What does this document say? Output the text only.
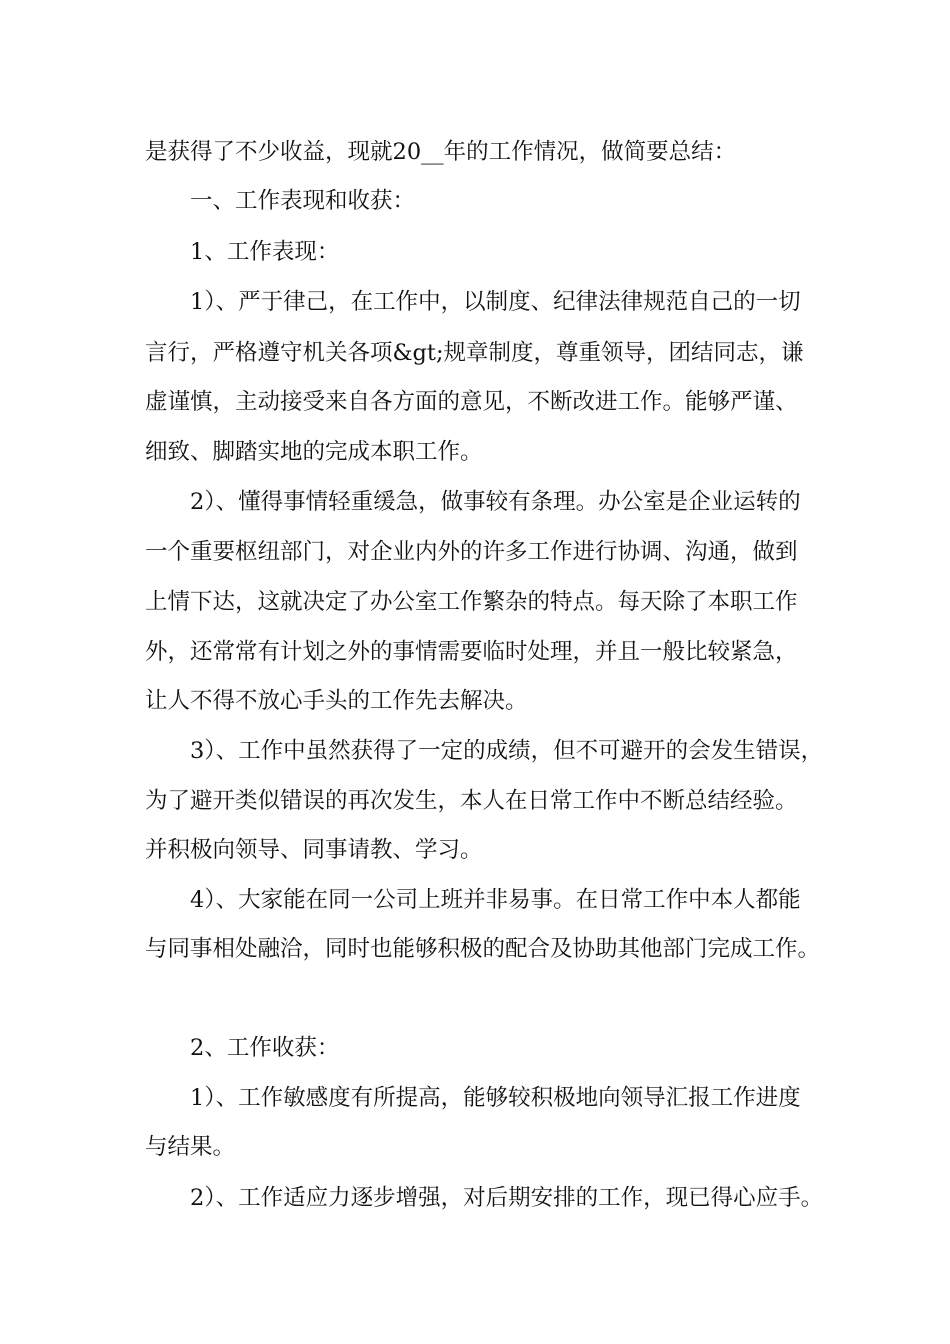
是获得了不少收益，现就20__年的工作情况，做简要总结：
一、工作表现和收获：
1、工作表现：
1）、严于律己，在工作中，以制度、纪律法律规范自己的一切
言行，严格遵守机关各项&gt;规章制度，尊重领导，团结同志，谦
虚谨慎，主动接受来自各方面的意见，不断改进工作。能够严谨、
细致、脚踏实地的完成本职工作。
2）、懂得事情轻重缓急，做事较有条理。办公室是企业运转的
一个重要枢纽部门，对企业内外的许多工作进行协调、沟通，做到
上情下达，这就决定了办公室工作繁杂的特点。每天除了本职工作
外，还常常有计划之外的事情需要临时处理，并且一般比较紧急，
让人不得不放心手头的工作先去解决。
3）、工作中虽然获得了一定的成绩，但不可避开的会发生错误，
为了避开类似错误的再次发生，本人在日常工作中不断总结经验。
并积极向领导、同事请教、学习。
4）、大家能在同一公司上班并非易事。在日常工作中本人都能
与同事相处融洽，同时也能够积极的配合及协助其他部门完成工作。
2、工作收获：
1）、工作敏感度有所提高，能够较积极地向领导汇报工作进度
与结果。
2）、工作适应力逐步增强，对后期安排的工作，现已得心应手。
